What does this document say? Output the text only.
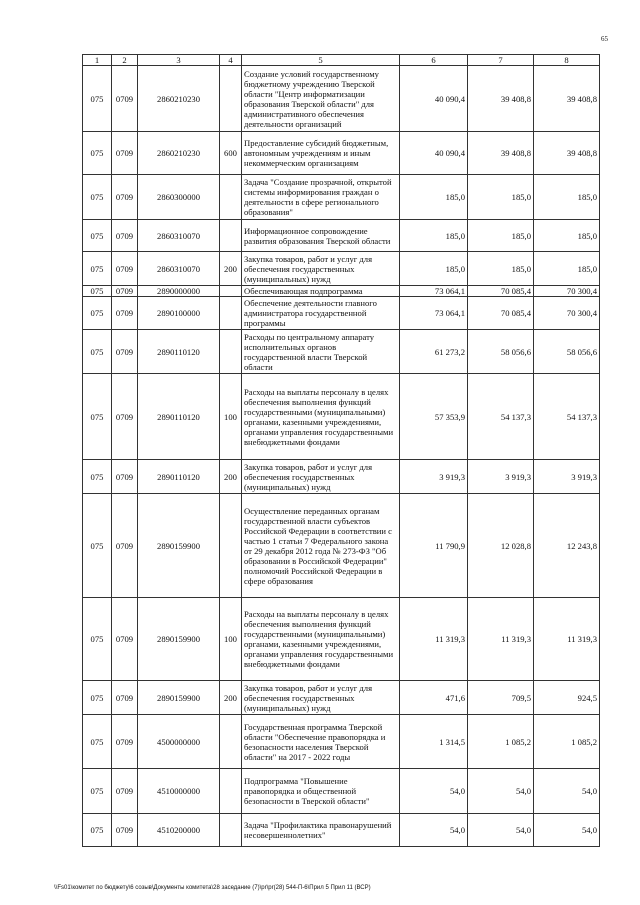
65
1	2	3	4	5	6	7	8
075	0709	2860210230		Создание условий государственному бюджетному учреждению Тверской области "Центр информатизации образования Тверской области" для административного обеспечения деятельности организаций	40 090,4	39 408,8	39 408,8
075	0709	2860210230	600	Предоставление субсидий бюджетным, автономным учреждениям и иным некоммерческим организациям	40 090,4	39 408,8	39 408,8
075	0709	2860300000		Задача "Создание прозрачной, открытой системы информирования граждан о деятельности в сфере регионального образования"	185,0	185,0	185,0
075	0709	2860310070		Информационное сопровождение развития образования Тверской области	185,0	185,0	185,0
075	0709	2860310070	200	Закупка товаров, работ и услуг для обеспечения государственных (муниципальных) нужд	185,0	185,0	185,0
075	0709	2890000000		Обеспечивающая подпрограмма	73 064,1	70 085,4	70 300,4
075	0709	2890100000		Обеспечение деятельности главного администратора государственной программы	73 064,1	70 085,4	70 300,4
075	0709	2890110120		Расходы по центральному аппарату исполнительных органов государственной власти Тверской области	61 273,2	58 056,6	58 056,6
075	0709	2890110120	100	Расходы на выплаты персоналу в целях обеспечения выполнения функций государственными (муниципальными) органами, казенными учреждениями, органами управления государственными внебюджетными фондами	57 353,9	54 137,3	54 137,3
075	0709	2890110120	200	Закупка товаров, работ и услуг для обеспечения государственных (муниципальных) нужд	3 919,3	3 919,3	3 919,3
075	0709	2890159900		Осуществление переданных органам государственной власти субъектов Российской Федерации в соответствии с частью 1 статьи 7 Федерального закона от 29 декабря 2012 года № 273-ФЗ "Об образовании в Российской Федерации" полномочий Российской Федерации в сфере образования	11 790,9	12 028,8	12 243,8
075	0709	2890159900	100	Расходы на выплаты персоналу в целях обеспечения выполнения функций государственными (муниципальными) органами, казенными учреждениями, органами управления государственными внебюджетными фондами	11 319,3	11 319,3	11 319,3
075	0709	2890159900	200	Закупка товаров, работ и услуг для обеспечения государственных (муниципальных) нужд	471,6	709,5	924,5
075	0709	4500000000		Государственная программа Тверской области "Обеспечение правопорядка и безопасности населения Тверской области" на 2017 - 2022 годы	1 314,5	1 085,2	1 085,2
075	0709	4510000000		Подпрограмма "Повышение правопорядка и общественной безопасности в Тверской области"	54,0	54,0	54,0
075	0709	4510200000		Задача "Профилактика правонарушений несовершеннолетних"	54,0	54,0	54,0
\\Fs01\комитет по бюджету\6 созыв\Документы комитета\28 заседание (7)\pr\pr(28) 544-П-6\Прил 5 Прил 11 (ВСР)
